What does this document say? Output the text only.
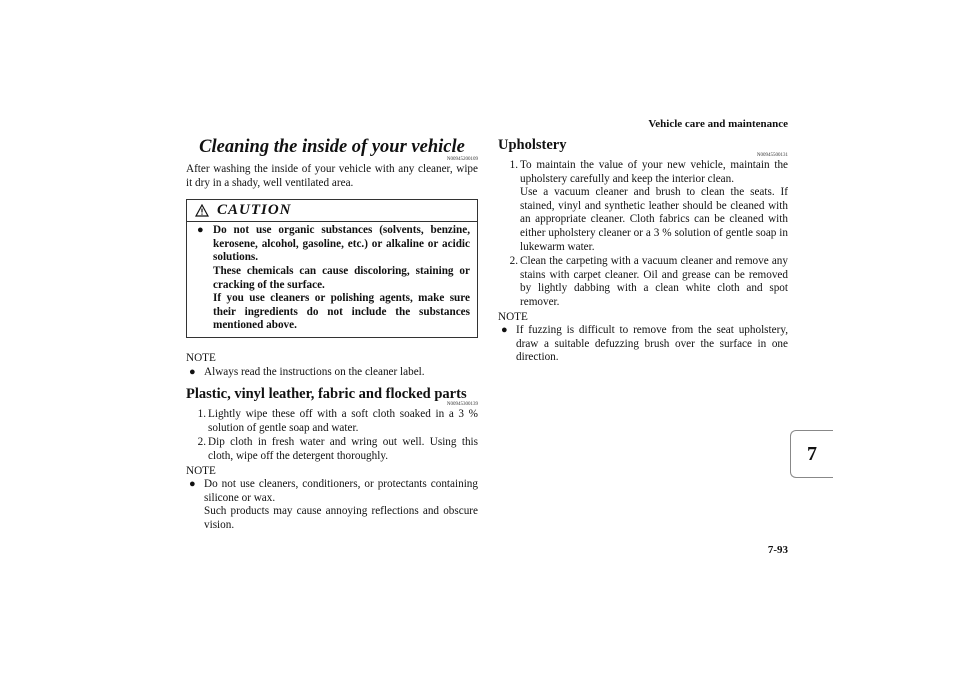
Vehicle care and maintenance
Cleaning the inside of your vehicle
N00945200109

After washing the inside of your vehicle with any cleaner, wipe it dry in a shady, well ventilated area.

CAUTION
● Do not use organic substances (solvents, benzine, kerosene, alcohol, gasoline, etc.) or alkaline or acidic solutions.

These chemicals can cause discoloring, staining or cracking of the surface.

If you use cleaners or polishing agents, make sure their ingredients do not include the substances mentioned above.

NOTE
● Always read the instructions on the cleaner label.
Plastic, vinyl leather, fabric and flocked parts
N00945300139
1. Lightly wipe these off with a soft cloth soaked in a 3 % solution of gentle soap and water.
2. Dip cloth in fresh water and wring out well. Using this cloth, wipe off the detergent thoroughly.
NOTE
● Do not use cleaners, conditioners, or protectants containing silicone or wax.

Such products may cause annoying reflections and obscure vision.

Upholstery
N00945500131
1. To maintain the value of your new vehicle, maintain the upholstery carefully and keep the interior clean.

Use a vacuum cleaner and brush to clean the seats. If stained, vinyl and synthetic leather should be cleaned with an appropriate cleaner. Cloth fabrics can be cleaned with either upholstery cleaner or a 3 % solution of gentle soap in lukewarm water.

2. Clean the carpeting with a vacuum cleaner and remove any stains with carpet cleaner. Oil and grease can be removed by lightly dabbing with a clean white cloth and spot remover.
NOTE
● If fuzzing is difficult to remove from the seat upholstery, draw a suitable defuzzing brush over the surface in one direction.
7
7-93
